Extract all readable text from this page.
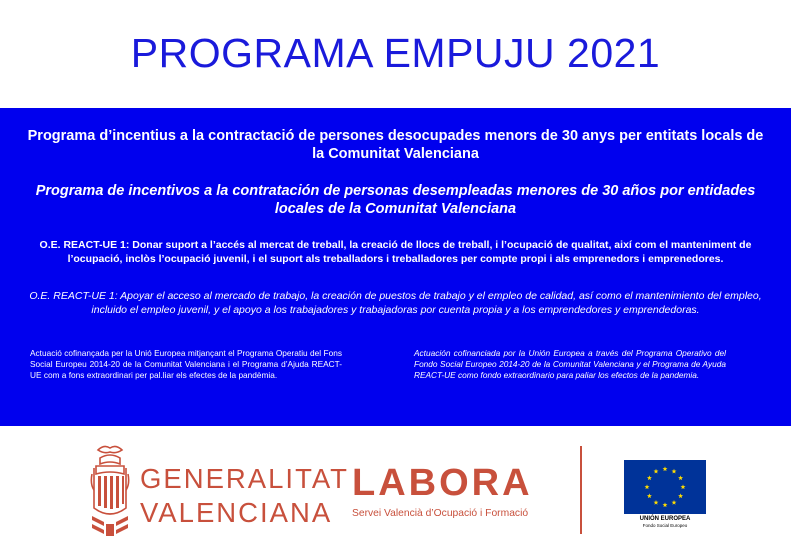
PROGRAMA EMPUJU 2021
Programa d’incentius a la contractació de persones desocupades menors de 30 anys per entitats locals de la Comunitat Valenciana
Programa de incentivos a la contratación de personas desempleadas menores de 30 años por entidades locales de la Comunitat Valenciana
O.E. REACT-UE 1: Donar suport a l’accés al mercat de treball, la creació de llocs de treball, i l’ocupació de qualitat, així com el manteniment de l’ocupació, inclòs l’ocupació juvenil, i el suport als treballadors i treballadores per compte propi i als emprenedors i emprenedores.
O.E. REACT-UE 1: Apoyar el acceso al mercado de trabajo, la creación de puestos de trabajo y el empleo de calidad, así como el mantenimiento del empleo, incluido el empleo juvenil, y el apoyo a los trabajadores y trabajadoras por cuenta propia y a los emprendedores y emprendedoras.
Actuació cofinançada per la Unió Europea mitjançant el Programa Operatiu del Fons Social Europeu 2014-20 de la Comunitat Valenciana i el Programa d’Ajuda REACT-UE com a fons extraordinari per pal.liar els efectes de la pandèmia.
Actuación cofinanciada por la Unión Europea a través del Programa Operativo del Fondo Social Europeo 2014-20 de la Comunitat Valenciana y el Programa de Ayuda REACT-UE como fondo extraordinario para paliar los efectos de la pandemia.
GENERALITAT
VALENCIANA
LABORA
Servei Valencià d’Ocupació i Formació	UNIÓN EUROPEA
Fondo Social Europeo
